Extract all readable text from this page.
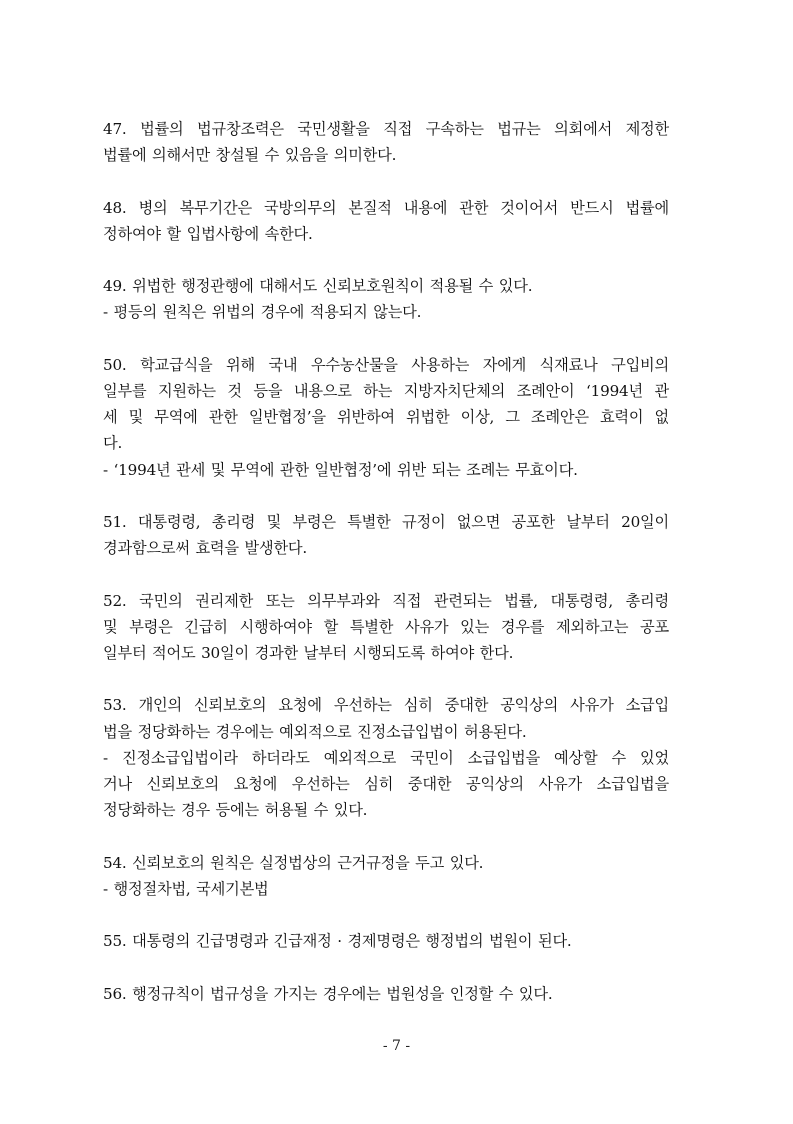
47. 법률의 법규창조력은 국민생활을 직접 구속하는 법규는 의회에서 제정한
법률에 의해서만 창설될 수 있음을 의미한다.
48. 병의 복무기간은 국방의무의 본질적 내용에 관한 것이어서 반드시 법률에
정하여야 할 입법사항에 속한다.
49. 위법한 행정관행에 대해서도 신뢰보호원칙이 적용될 수 있다.
- 평등의 원칙은 위법의 경우에 적용되지 않는다.
50. 학교급식을 위해 국내 우수농산물을 사용하는 자에게 식재료나 구입비의
일부를 지원하는 것 등을 내용으로 하는 지방자치단체의 조례안이 ‘1994년 관
세 및 무역에 관한 일반협정’을 위반하여 위법한 이상, 그 조례안은 효력이 없
다.
- ‘1994년 관세 및 무역에 관한 일반협정’에 위반 되는 조례는 무효이다.
51. 대통령령, 총리령 및 부령은 특별한 규정이 없으면 공포한 날부터 20일이
경과함으로써 효력을 발생한다.
52. 국민의 권리제한 또는 의무부과와 직접 관련되는 법률, 대통령령, 총리령
및 부령은 긴급히 시행하여야 할 특별한 사유가 있는 경우를 제외하고는 공포
일부터 적어도 30일이 경과한 날부터 시행되도록 하여야 한다.
53. 개인의 신뢰보호의 요청에 우선하는 심히 중대한 공익상의 사유가 소급입
법을 정당화하는 경우에는 예외적으로 진정소급입법이 허용된다.
- 진정소급입법이라 하더라도 예외적으로 국민이 소급입법을 예상할 수 있었
거나 신뢰보호의 요청에 우선하는 심히 중대한 공익상의 사유가 소급입법을
정당화하는 경우 등에는 허용될 수 있다.
54. 신뢰보호의 원칙은 실정법상의 근거규정을 두고 있다.
- 행정절차법, 국세기본법
55. 대통령의 긴급명령과 긴급재정 · 경제명령은 행정법의 법원이 된다.
56. 행정규칙이 법규성을 가지는 경우에는 법원성을 인정할 수 있다.
- 7 -
